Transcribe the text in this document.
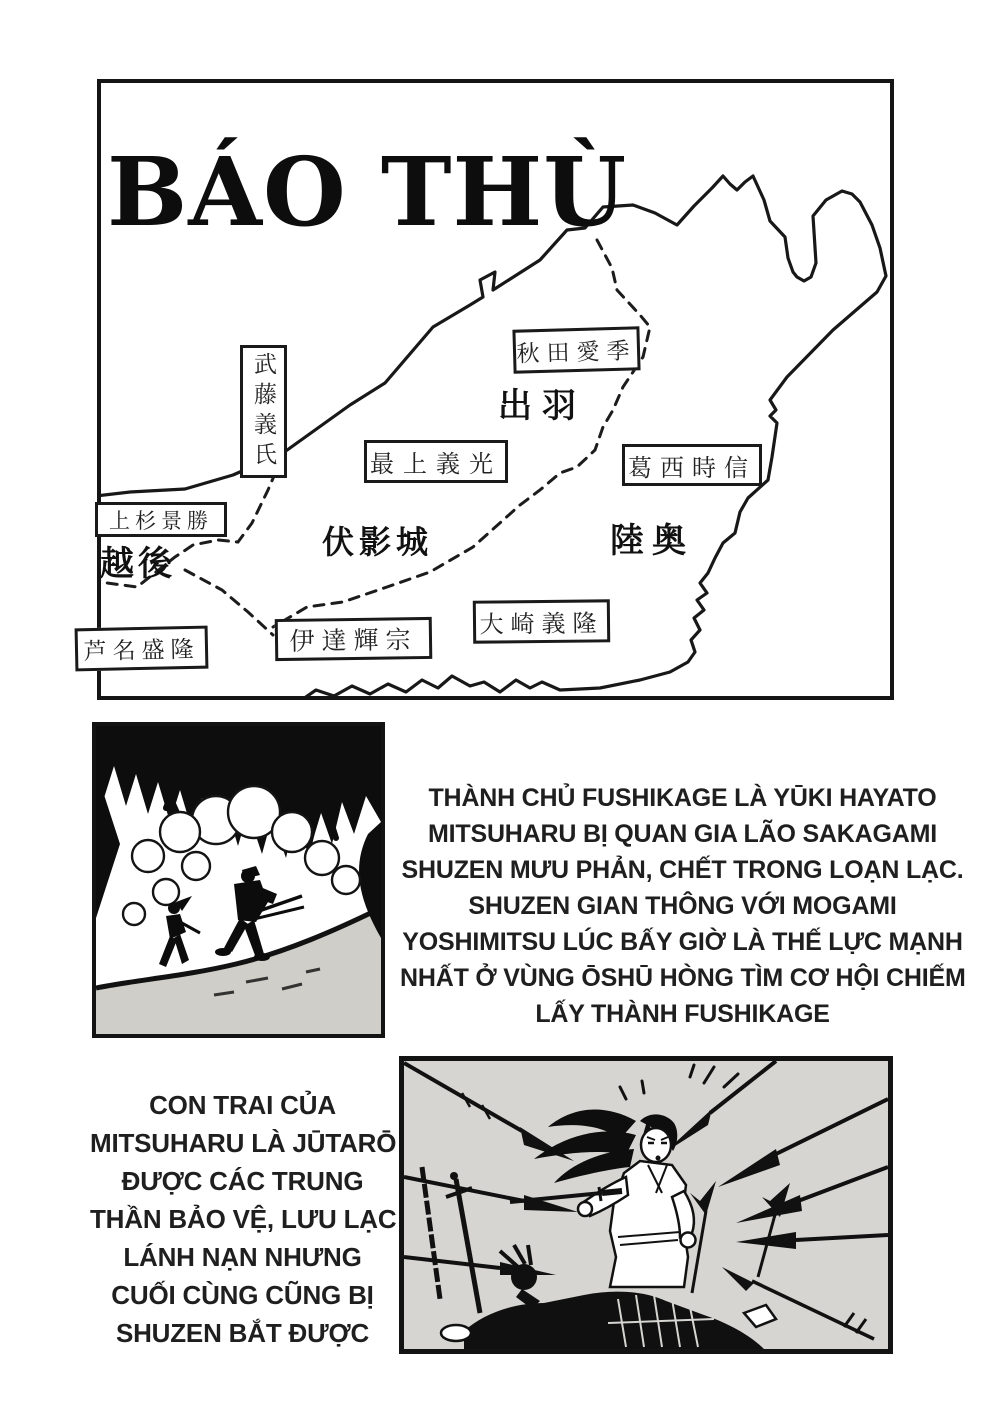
BÁO THÙ
武藤義氏	秋田愛季
最上義光	葛西時信
上杉景勝
芦名盛隆	伊達輝宗
大崎義隆
出羽
陸奥
伏影城
越後
THÀNH CHỦ FUSHIKAGE LÀ YŪKI HAYATO
MITSUHARU BỊ QUAN GIA LÃO SAKAGAMI
SHUZEN MƯU PHẢN, CHẾT TRONG LOẠN LẠC.
SHUZEN GIAN THÔNG VỚI MOGAMI
YOSHIMITSU LÚC BẤY GIỜ LÀ THẾ LỰC MẠNH
NHẤT Ở VÙNG ŌSHŪ HÒNG TÌM CƠ HỘI CHIẾM
LẤY THÀNH FUSHIKAGE
CON TRAI CỦA
MITSUHARU LÀ JŪTARŌ
ĐƯỢC CÁC TRUNG
THẦN BẢO VỆ, LƯU LẠC
LÁNH NẠN NHƯNG
CUỐI CÙNG CŨNG BỊ
SHUZEN BẮT ĐƯỢC
